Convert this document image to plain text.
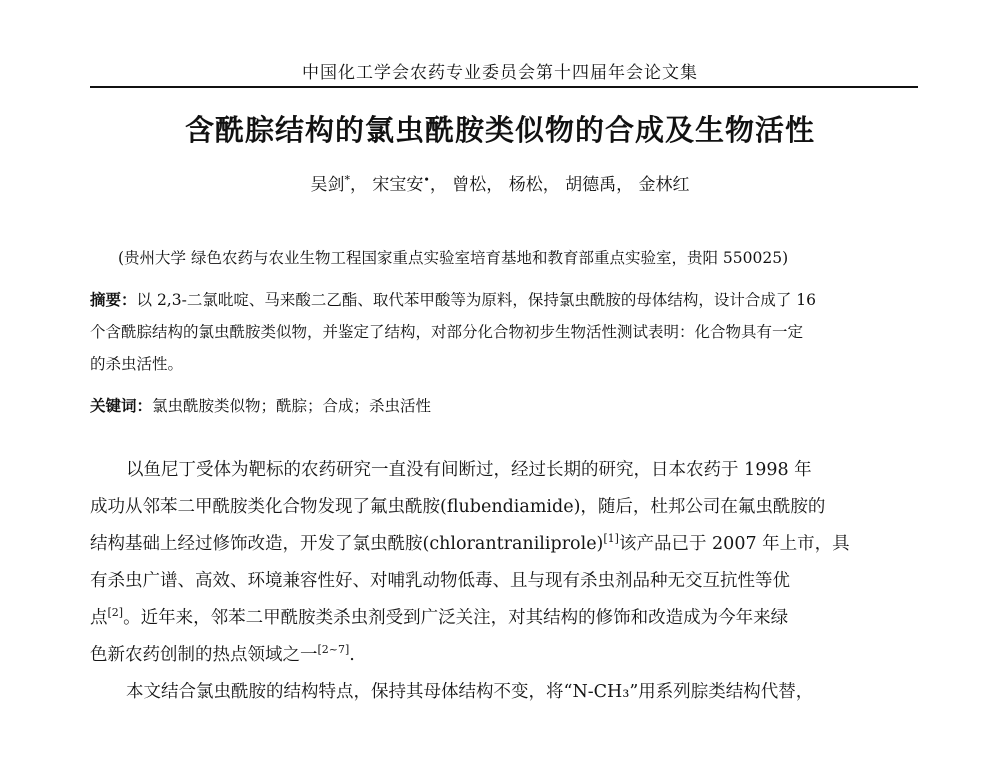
中国化工学会农药专业委员会第十四届年会论文集
含酰腙结构的氯虫酰胺类似物的合成及生物活性
吴剑*， 宋宝安•， 曾松， 杨松， 胡德禹， 金林红
(贵州大学 绿色农药与农业生物工程国家重点实验室培育基地和教育部重点实验室，贵阳 550025)
摘要：以 2,3-二氯吡啶、马来酸二乙酯、取代苯甲酸等为原料，保持氯虫酰胺的母体结构，设计合成了 16
个含酰腙结构的氯虫酰胺类似物，并鉴定了结构，对部分化合物初步生物活性测试表明：化合物具有一定
的杀虫活性。
关键词：氯虫酰胺类似物；酰腙；合成；杀虫活性
以鱼尼丁受体为靶标的农药研究一直没有间断过，经过长期的研究，日本农药于 1998 年
成功从邻苯二甲酰胺类化合物发现了氟虫酰胺(flubendiamide)，随后，杜邦公司在氟虫酰胺的
结构基础上经过修饰改造，开发了氯虫酰胺(chlorantraniliprole)[1]该产品已于 2007 年上市，具
有杀虫广谱、高效、环境兼容性好、对哺乳动物低毒、且与现有杀虫剂品种无交互抗性等优
点[2]。近年来，邻苯二甲酰胺类杀虫剂受到广泛关注，对其结构的修饰和改造成为今年来绿
色新农药创制的热点领域之一[2~7].
本文结合氯虫酰胺的结构特点，保持其母体结构不变，将“N-CH₃”用系列腙类结构代替，
